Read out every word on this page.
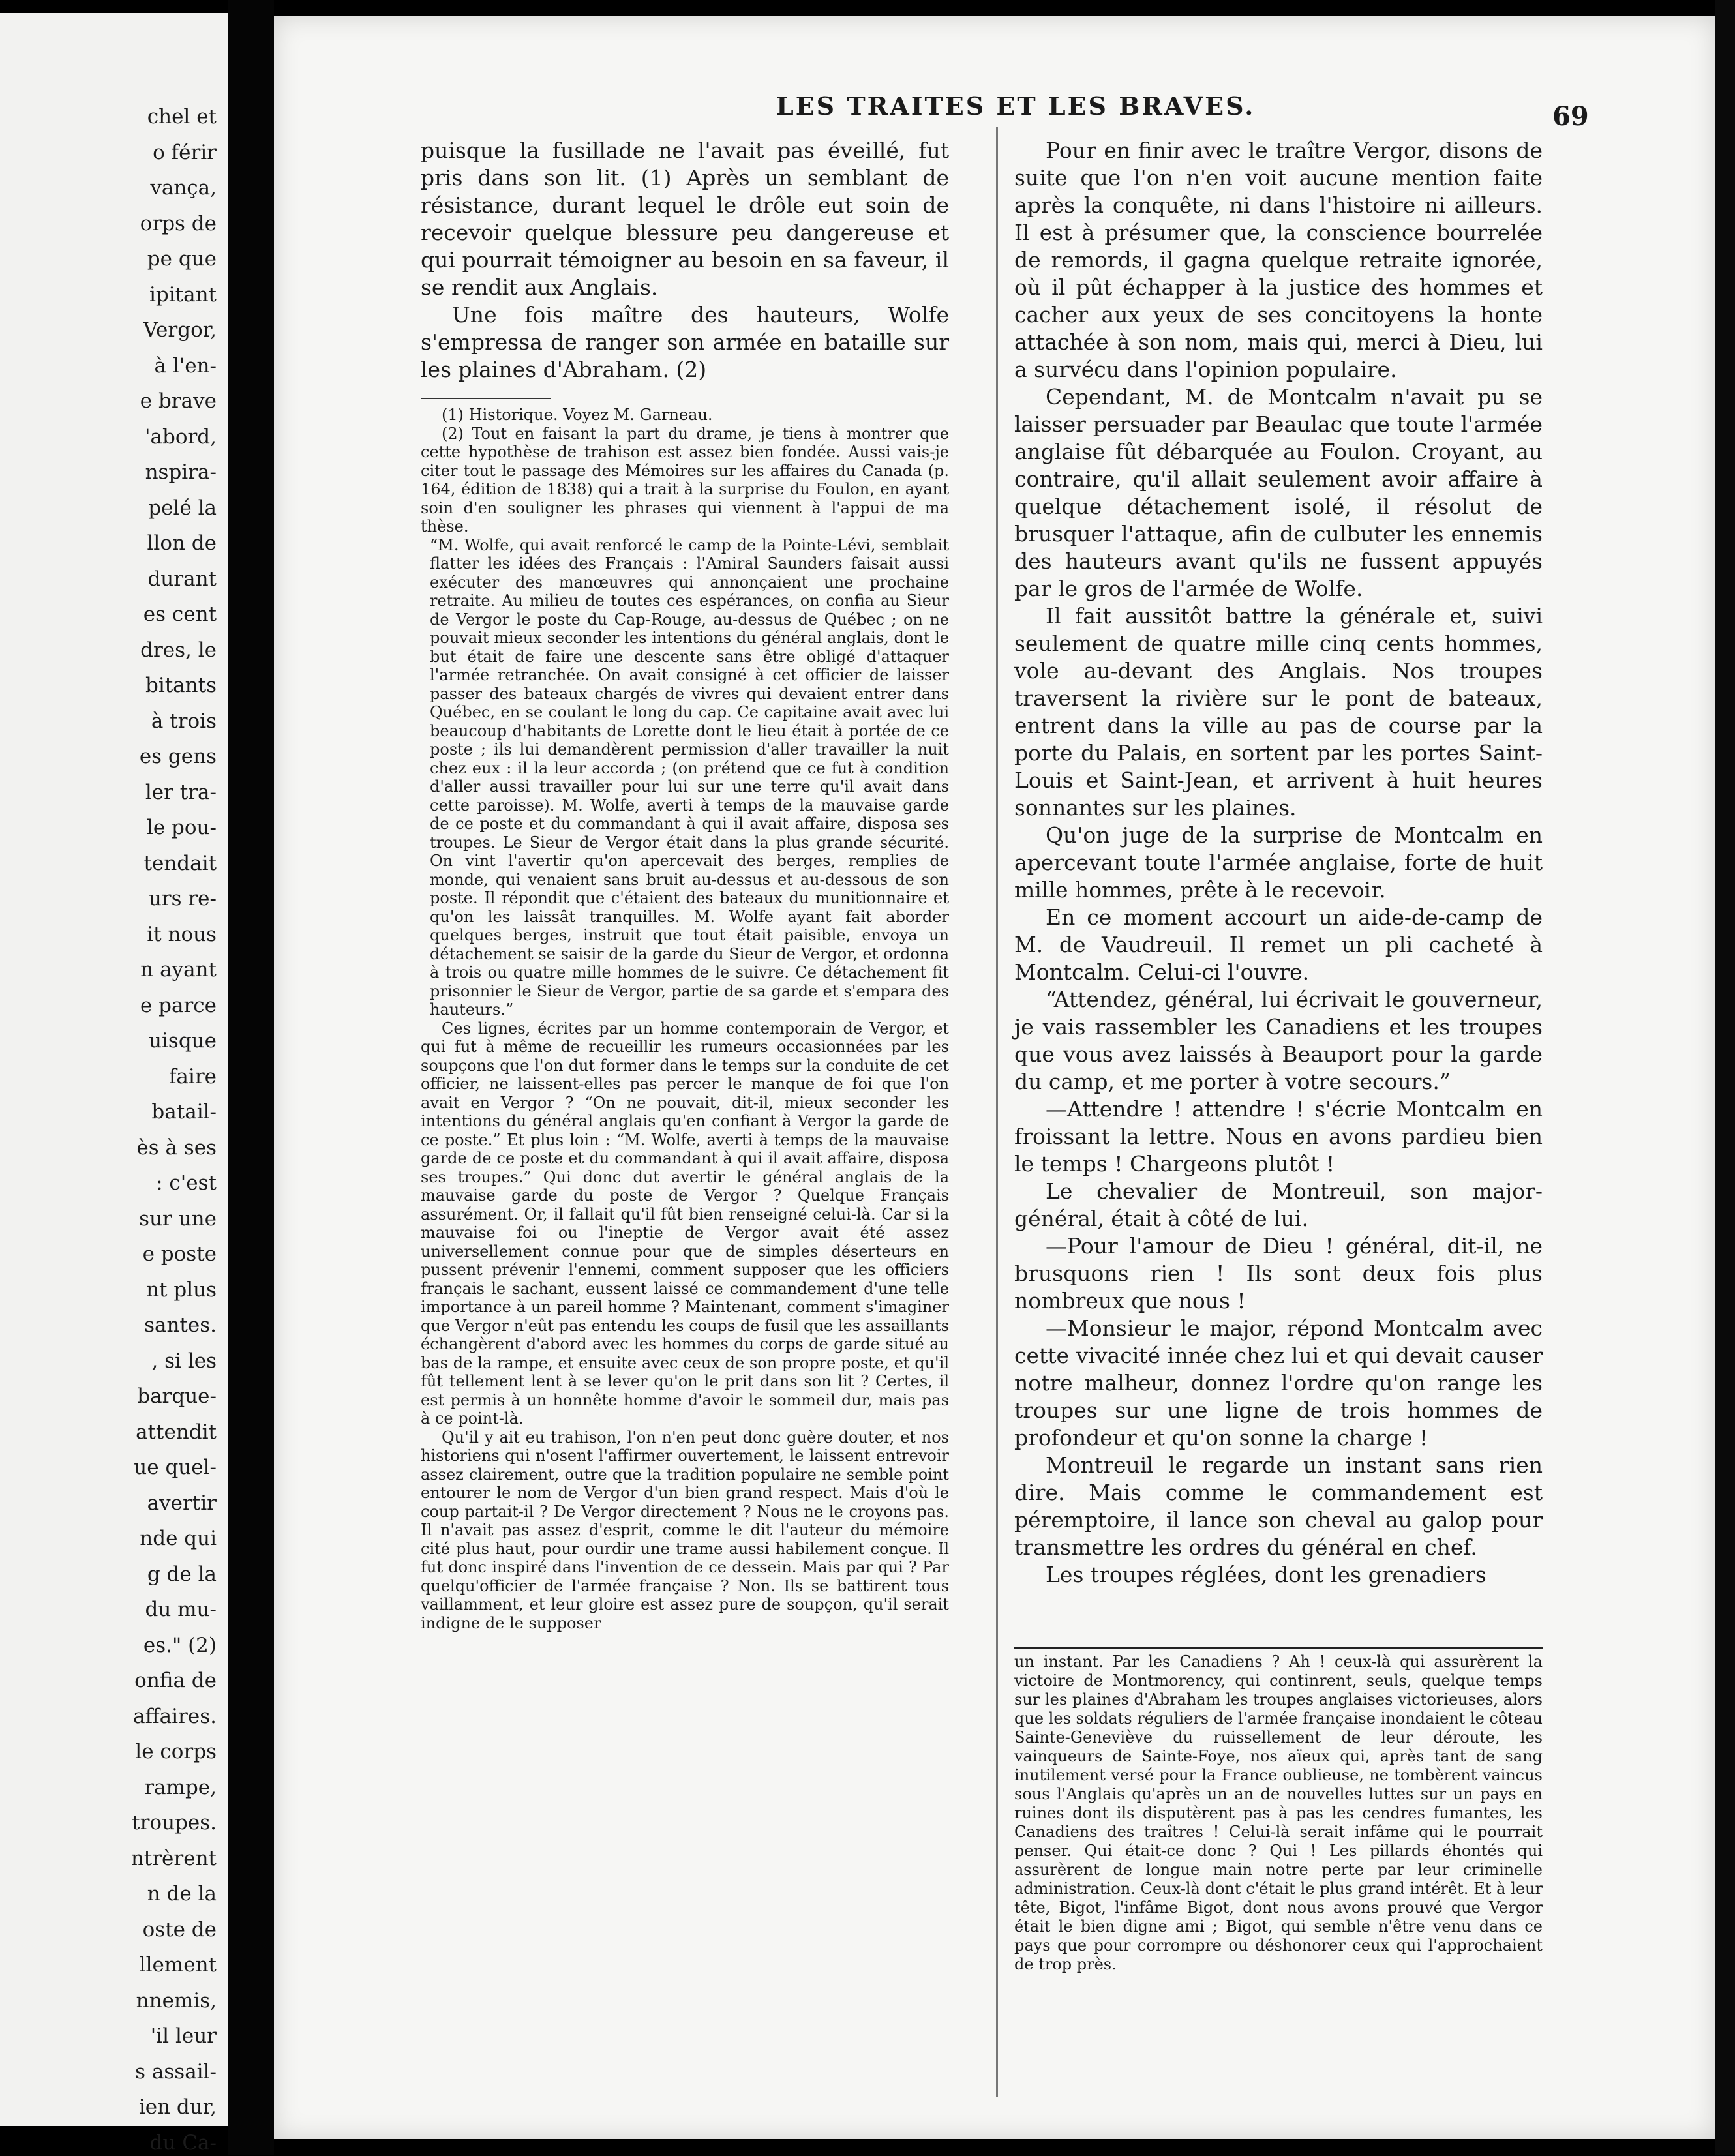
chel et
o férir
vança,
orps de
pe que
ipitant
Vergor,
à l'en-
e brave
'abord,
nspira-
pelé la
llon de
durant
es cent
dres, le
bitants
à trois
es gens
ler tra-
le pou-
tendait
urs re-
it nous
n ayant
e parce
uisque
faire
batail-
ès à ses
: c'est
sur une
e poste
nt plus
santes.
, si les
barque-
attendit
ue quel-
avertir
nde qui
g de la
du mu-
es." (2)
onfia de
affaires.
le corps
rampe,
troupes.
ntrèrent
n de la
oste de
llement
nnemis,
'il leur
s assail-
ien dur,
du Ca-
LES TRAITES ET LES BRAVES.	69

puisque la fusillade ne l'avait pas éveillé, fut pris dans son lit. (1) Après un semblant de résistance, durant lequel le drôle eut soin de recevoir quelque blessure peu dangereuse et qui pourrait témoigner au besoin en sa faveur, il se rendit aux Anglais.

Une fois maître des hauteurs, Wolfe s'empressa de ranger son armée en bataille sur les plaines d'Abraham. (2)

(1) Historique. Voyez M. Garneau.

(2) Tout en faisant la part du drame, je tiens à montrer que cette hypothèse de trahison est assez bien fondée. Aussi vais-je citer tout le passage des Mémoires sur les affaires du Canada (p. 164, édition de 1838) qui a trait à la surprise du Foulon, en ayant soin d'en souligner les phrases qui viennent à l'appui de ma thèse.

“M. Wolfe, qui avait renforcé le camp de la Pointe-Lévi, semblait flatter les idées des Français : l'Amiral Saunders faisait aussi exécuter des manœuvres qui annonçaient une prochaine retraite. Au milieu de toutes ces espérances, on confia au Sieur de Vergor le poste du Cap-Rouge, au-dessus de Québec ; on ne pouvait mieux seconder les intentions du général anglais, dont le but était de faire une descente sans être obligé d'attaquer l'armée retranchée. On avait consigné à cet officier de laisser passer des bateaux chargés de vivres qui devaient entrer dans Québec, en se coulant le long du cap. Ce capitaine avait avec lui beaucoup d'habitants de Lorette dont le lieu était à portée de ce poste ; ils lui demandèrent permission d'aller travailler la nuit chez eux : il la leur accorda ; (on prétend que ce fut à condition d'aller aussi travailler pour lui sur une terre qu'il avait dans cette paroisse). M. Wolfe, averti à temps de la mauvaise garde de ce poste et du commandant à qui il avait affaire, disposa ses troupes. Le Sieur de Vergor était dans la plus grande sécurité. On vint l'avertir qu'on apercevait des berges, remplies de monde, qui venaient sans bruit au-dessus et au-dessous de son poste. Il répondit que c'étaient des bateaux du munitionnaire et qu'on les laissât tranquilles. M. Wolfe ayant fait aborder quelques berges, instruit que tout était paisible, envoya un détachement se saisir de la garde du Sieur de Vergor, et ordonna à trois ou quatre mille hommes de le suivre. Ce détachement fit prisonnier le Sieur de Vergor, partie de sa garde et s'empara des hauteurs.”

Ces lignes, écrites par un homme contemporain de Vergor, et qui fut à même de recueillir les rumeurs occasionnées par les soupçons que l'on dut former dans le temps sur la conduite de cet officier, ne laissent-elles pas percer le manque de foi que l'on avait en Vergor ? “On ne pouvait, dit-il, mieux seconder les intentions du général anglais qu'en confiant à Vergor la garde de ce poste.” Et plus loin : “M. Wolfe, averti à temps de la mauvaise garde de ce poste et du commandant à qui il avait affaire, disposa ses troupes.” Qui donc dut avertir le général anglais de la mauvaise garde du poste de Vergor ? Quelque Français assurément. Or, il fallait qu'il fût bien renseigné celui-là. Car si la mauvaise foi ou l'ineptie de Vergor avait été assez universellement connue pour que de simples déserteurs en pussent prévenir l'ennemi, comment supposer que les officiers français le sachant, eussent laissé ce commandement d'une telle importance à un pareil homme ? Maintenant, comment s'imaginer que Vergor n'eût pas entendu les coups de fusil que les assaillants échangèrent d'abord avec les hommes du corps de garde situé au bas de la rampe, et ensuite avec ceux de son propre poste, et qu'il fût tellement lent à se lever qu'on le prit dans son lit ? Certes, il est permis à un honnête homme d'avoir le sommeil dur, mais pas à ce point-là.

Qu'il y ait eu trahison, l'on n'en peut donc guère douter, et nos historiens qui n'osent l'affirmer ouvertement, le laissent entrevoir assez clairement, outre que la tradition populaire ne semble point entourer le nom de Vergor d'un bien grand respect. Mais d'où le coup partait-il ? De Vergor directement ? Nous ne le croyons pas. Il n'avait pas assez d'esprit, comme le dit l'auteur du mémoire cité plus haut, pour ourdir une trame aussi habilement conçue. Il fut donc inspiré dans l'invention de ce dessein. Mais par qui ? Par quelqu'officier de l'armée française ? Non. Ils se battirent tous vaillamment, et leur gloire est assez pure de soupçon, qu'il serait indigne de le supposer

Pour en finir avec le traître Vergor, disons de suite que l'on n'en voit aucune mention faite après la conquête, ni dans l'histoire ni ailleurs. Il est à présumer que, la conscience bourrelée de remords, il gagna quelque retraite ignorée, où il pût échapper à la justice des hommes et cacher aux yeux de ses concitoyens la honte attachée à son nom, mais qui, merci à Dieu, lui a survécu dans l'opinion populaire.

Cependant, M. de Montcalm n'avait pu se laisser persuader par Beaulac que toute l'armée anglaise fût débarquée au Foulon. Croyant, au contraire, qu'il allait seulement avoir affaire à quelque détachement isolé, il résolut de brusquer l'attaque, afin de culbuter les ennemis des hauteurs avant qu'ils ne fussent appuyés par le gros de l'armée de Wolfe.

Il fait aussitôt battre la générale et, suivi seulement de quatre mille cinq cents hommes, vole au-devant des Anglais. Nos troupes traversent la rivière sur le pont de bateaux, entrent dans la ville au pas de course par la porte du Palais, en sortent par les portes Saint-Louis et Saint-Jean, et arrivent à huit heures sonnantes sur les plaines.

Qu'on juge de la surprise de Montcalm en apercevant toute l'armée anglaise, forte de huit mille hommes, prête à le recevoir.

En ce moment accourt un aide-de-camp de M. de Vaudreuil. Il remet un pli cacheté à Montcalm. Celui-ci l'ouvre.

“Attendez, général, lui écrivait le gouverneur, je vais rassembler les Canadiens et les troupes que vous avez laissés à Beauport pour la garde du camp, et me porter à votre secours.”

—Attendre ! attendre ! s'écrie Montcalm en froissant la lettre. Nous en avons pardieu bien le temps ! Chargeons plutôt !

Le chevalier de Montreuil, son major-général, était à côté de lui.

—Pour l'amour de Dieu ! général, dit-il, ne brusquons rien ! Ils sont deux fois plus nombreux que nous !

—Monsieur le major, répond Montcalm avec cette vivacité innée chez lui et qui devait causer notre malheur, donnez l'ordre qu'on range les troupes sur une ligne de trois hommes de profondeur et qu'on sonne la charge !

Montreuil le regarde un instant sans rien dire. Mais comme le commandement est péremptoire, il lance son cheval au galop pour transmettre les ordres du général en chef.

Les troupes réglées, dont les grenadiers

un instant. Par les Canadiens ? Ah ! ceux-là qui assurèrent la victoire de Montmorency, qui continrent, seuls, quelque temps sur les plaines d'Abraham les troupes anglaises victorieuses, alors que les soldats réguliers de l'armée française inondaient le côteau Sainte-Geneviève du ruissellement de leur déroute, les vainqueurs de Sainte-Foye, nos aïeux qui, après tant de sang inutilement versé pour la France oublieuse, ne tombèrent vaincus sous l'Anglais qu'après un an de nouvelles luttes sur un pays en ruines dont ils disputèrent pas à pas les cendres fumantes, les Canadiens des traîtres ! Celui-là serait infâme qui le pourrait penser. Qui était-ce donc ? Qui ! Les pillards éhontés qui assurèrent de longue main notre perte par leur criminelle administration. Ceux-là dont c'était le plus grand intérêt. Et à leur tête, Bigot, l'infâme Bigot, dont nous avons prouvé que Vergor était le bien digne ami ; Bigot, qui semble n'être venu dans ce pays que pour corrompre ou déshonorer ceux qui l'approchaient de trop près.
